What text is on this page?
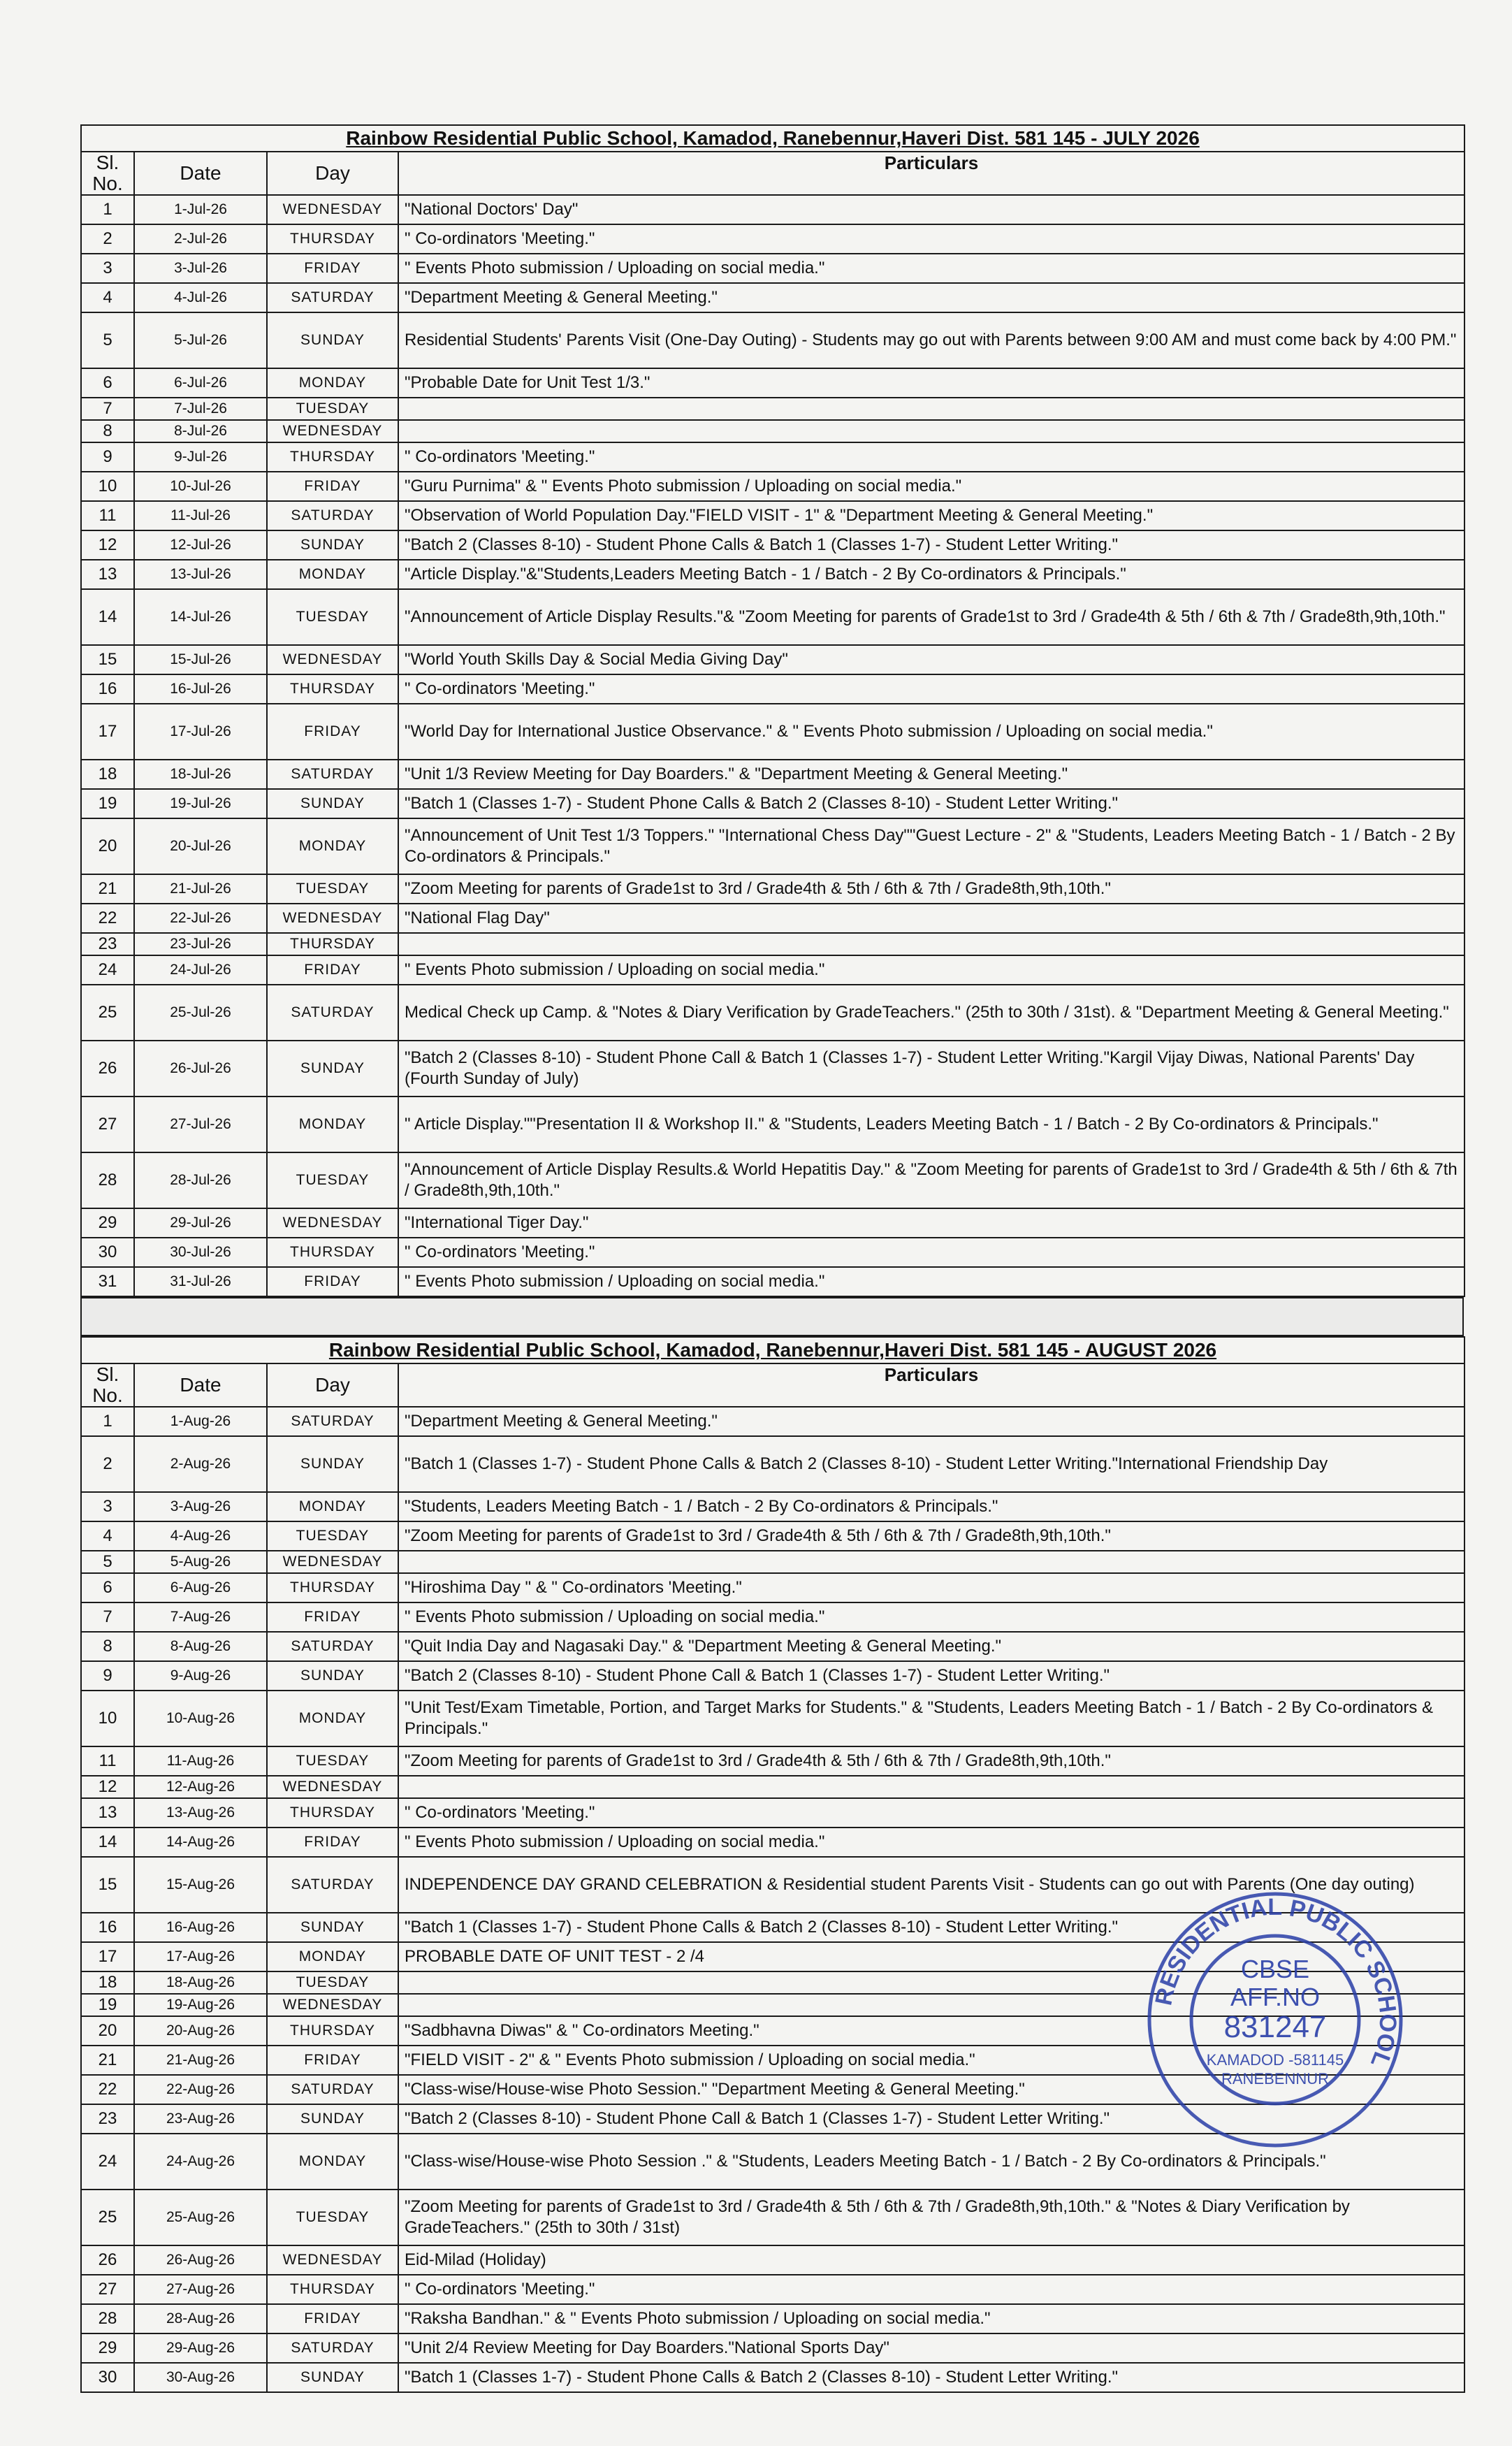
Rainbow Residential Public School, Kamadod, Ranebennur,Haveri Dist. 581 145 - JULY 2026			
Sl. No.	Date	Day	Particulars
1	1-Jul-26	WEDNESDAY	"National Doctors' Day"
2	2-Jul-26	THURSDAY	" Co-ordinators 'Meeting."
3	3-Jul-26	FRIDAY	" Events Photo submission / Uploading on social media."
4	4-Jul-26	SATURDAY	"Department Meeting & General Meeting."
5	5-Jul-26	SUNDAY	Residential Students' Parents Visit (One-Day Outing) - Students may go out with Parents between 9:00 AM and must come back by 4:00 PM."
6	6-Jul-26	MONDAY	"Probable Date for Unit Test 1/3."
7	7-Jul-26	TUESDAY	
8	8-Jul-26	WEDNESDAY	
9	9-Jul-26	THURSDAY	" Co-ordinators 'Meeting."
10	10-Jul-26	FRIDAY	"Guru Purnima" & " Events Photo submission / Uploading on social media."
11	11-Jul-26	SATURDAY	"Observation of World Population Day."FIELD VISIT - 1" & "Department Meeting & General Meeting."
12	12-Jul-26	SUNDAY	"Batch 2 (Classes 8-10) - Student Phone Calls & Batch 1 (Classes 1-7) - Student Letter Writing."
13	13-Jul-26	MONDAY	"Article Display."&"Students,Leaders Meeting Batch - 1 / Batch - 2 By Co-ordinators & Principals."
14	14-Jul-26	TUESDAY	"Announcement of Article Display Results."& "Zoom Meeting for parents of Grade1st to 3rd / Grade4th & 5th / 6th & 7th / Grade8th,9th,10th."
15	15-Jul-26	WEDNESDAY	"World Youth Skills Day & Social Media Giving Day"
16	16-Jul-26	THURSDAY	" Co-ordinators 'Meeting."
17	17-Jul-26	FRIDAY	"World Day for International Justice Observance." & " Events Photo submission / Uploading on social media."
18	18-Jul-26	SATURDAY	"Unit 1/3 Review Meeting for Day Boarders." & "Department Meeting & General Meeting."
19	19-Jul-26	SUNDAY	"Batch 1 (Classes 1-7) - Student Phone Calls & Batch 2 (Classes 8-10) - Student Letter Writing."
20	20-Jul-26	MONDAY	"Announcement of Unit Test 1/3 Toppers." "International Chess Day""Guest Lecture - 2" & "Students, Leaders Meeting Batch - 1 / Batch - 2 By Co-ordinators & Principals."
21	21-Jul-26	TUESDAY	"Zoom Meeting for parents of Grade1st to 3rd / Grade4th & 5th / 6th & 7th / Grade8th,9th,10th."
22	22-Jul-26	WEDNESDAY	"National Flag Day"
23	23-Jul-26	THURSDAY	
24	24-Jul-26	FRIDAY	" Events Photo submission / Uploading on social media."
25	25-Jul-26	SATURDAY	Medical Check up Camp. & "Notes & Diary Verification by GradeTeachers." (25th to 30th / 31st). & "Department Meeting & General Meeting."
26	26-Jul-26	SUNDAY	"Batch 2 (Classes 8-10) - Student Phone Call & Batch 1 (Classes 1-7) - Student Letter Writing."Kargil Vijay Diwas, National Parents' Day (Fourth Sunday of July)
27	27-Jul-26	MONDAY	" Article Display.""Presentation II & Workshop II." & "Students, Leaders Meeting Batch - 1 / Batch - 2 By Co-ordinators & Principals."
28	28-Jul-26	TUESDAY	"Announcement of Article Display Results.& World Hepatitis Day." & "Zoom Meeting for parents of Grade1st to 3rd / Grade4th & 5th / 6th & 7th / Grade8th,9th,10th."
29	29-Jul-26	WEDNESDAY	"International Tiger Day."
30	30-Jul-26	THURSDAY	" Co-ordinators 'Meeting."
31	31-Jul-26	FRIDAY	" Events Photo submission / Uploading on social media."
Rainbow Residential Public School, Kamadod, Ranebennur,Haveri Dist. 581 145 - AUGUST 2026			
Sl. No.	Date	Day	Particulars
1	1-Aug-26	SATURDAY	"Department Meeting & General Meeting."
2	2-Aug-26	SUNDAY	"Batch 1 (Classes 1-7) - Student Phone Calls & Batch 2 (Classes 8-10) - Student Letter Writing."International Friendship Day
3	3-Aug-26	MONDAY	"Students, Leaders Meeting Batch - 1 / Batch - 2 By Co-ordinators & Principals."
4	4-Aug-26	TUESDAY	"Zoom Meeting for parents of Grade1st to 3rd / Grade4th & 5th / 6th & 7th / Grade8th,9th,10th."
5	5-Aug-26	WEDNESDAY	
6	6-Aug-26	THURSDAY	"Hiroshima Day " & " Co-ordinators 'Meeting."
7	7-Aug-26	FRIDAY	" Events Photo submission / Uploading on social media."
8	8-Aug-26	SATURDAY	"Quit India Day and Nagasaki Day." & "Department Meeting & General Meeting."
9	9-Aug-26	SUNDAY	"Batch 2 (Classes 8-10) - Student Phone Call & Batch 1 (Classes 1-7) - Student Letter Writing."
10	10-Aug-26	MONDAY	"Unit Test/Exam Timetable, Portion, and Target Marks for Students." & "Students, Leaders Meeting Batch - 1 / Batch - 2 By Co-ordinators & Principals."
11	11-Aug-26	TUESDAY	"Zoom Meeting for parents of Grade1st to 3rd / Grade4th & 5th / 6th & 7th / Grade8th,9th,10th."
12	12-Aug-26	WEDNESDAY	
13	13-Aug-26	THURSDAY	" Co-ordinators 'Meeting."
14	14-Aug-26	FRIDAY	" Events Photo submission / Uploading on social media."
15	15-Aug-26	SATURDAY	INDEPENDENCE DAY GRAND CELEBRATION & Residential student Parents Visit - Students can go out with Parents (One day outing)
16	16-Aug-26	SUNDAY	"Batch 1 (Classes 1-7) - Student Phone Calls & Batch 2 (Classes 8-10) - Student Letter Writing."
17	17-Aug-26	MONDAY	PROBABLE DATE OF UNIT TEST - 2 /4
18	18-Aug-26	TUESDAY	
19	19-Aug-26	WEDNESDAY	
20	20-Aug-26	THURSDAY	"Sadbhavna Diwas" & " Co-ordinators Meeting."
21	21-Aug-26	FRIDAY	"FIELD VISIT - 2" & " Events Photo submission / Uploading on social media."
22	22-Aug-26	SATURDAY	"Class-wise/House-wise Photo Session." "Department Meeting & General Meeting."
23	23-Aug-26	SUNDAY	"Batch 2 (Classes 8-10) - Student Phone Call & Batch 1 (Classes 1-7) - Student Letter Writing."
24	24-Aug-26	MONDAY	"Class-wise/House-wise Photo Session ." & "Students, Leaders Meeting Batch - 1 / Batch - 2 By Co-ordinators & Principals."
25	25-Aug-26	TUESDAY	"Zoom Meeting for parents of Grade1st to 3rd / Grade4th & 5th / 6th & 7th / Grade8th,9th,10th." & "Notes & Diary Verification by GradeTeachers." (25th to 30th / 31st)
26	26-Aug-26	WEDNESDAY	Eid-Milad (Holiday)
27	27-Aug-26	THURSDAY	" Co-ordinators 'Meeting."
28	28-Aug-26	FRIDAY	"Raksha Bandhan." & " Events Photo submission / Uploading on social media."
29	29-Aug-26	SATURDAY	"Unit 2/4 Review Meeting for Day Boarders."National Sports Day"
30	30-Aug-26	SUNDAY	"Batch 1 (Classes 1-7) - Student Phone Calls & Batch 2 (Classes 8-10) - Student Letter Writing."
RESIDENTIAL PUBLIC SCHOOL
CBSE
AFF.NO
831247
KAMADOD -581145
RANEBENNUR
